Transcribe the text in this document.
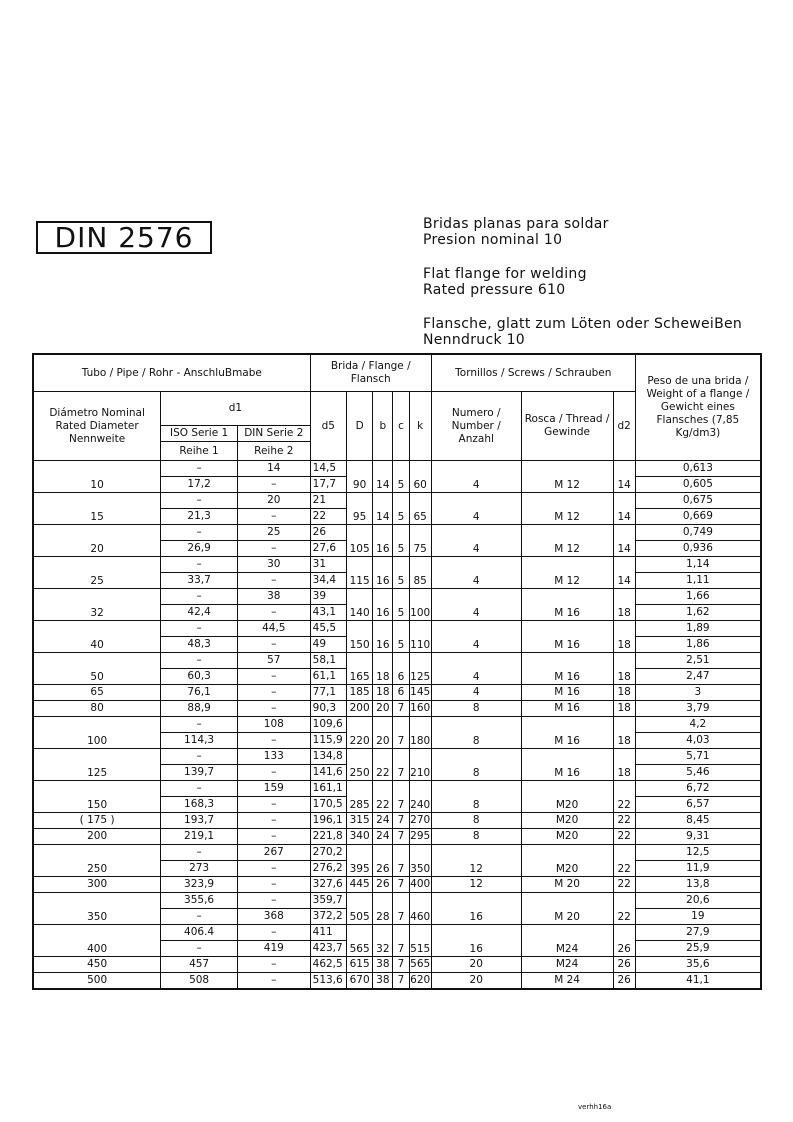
DIN 2576	Bridas planas para soldar
Presion nominal 10
Flat flange for welding
Rated pressure 610
Flansche, glatt zum Löten oder ScheweiBen
Nenndruck 10
Tubo / Pipe / Rohr - AnschluBmabe			Brida / Flange / Flansch					Tornillos / Screws / Schrauben			Peso de una brida / Weight of a flange / Gewicht eines Flansches (7,85 Kg/dm3)
Diámetro Nominal Rated Diameter Nennweite	d1		d5	D	b	c	k	Numero / Number / Anzahl	Rosca / Thread / Gewinde	d2	
	ISO Serie 1	DIN Serie 2									
	Reihe 1	Reihe 2									
10	–	14	14,5	90	14	5	60	4	M 12	14	0,613
	17,2	–	17,7								0,605
15	–	20	21	95	14	5	65	4	M 12	14	0,675
	21,3	–	22								0,669
20	–	25	26	105	16	5	75	4	M 12	14	0,749
	26,9	–	27,6								0,936
25	–	30	31	115	16	5	85	4	M 12	14	1,14
	33,7	–	34,4								1,11
32	–	38	39	140	16	5	100	4	M 16	18	1,66
	42,4	–	43,1								1,62
40	–	44,5	45,5	150	16	5	110	4	M 16	18	1,89
	48,3	–	49								1,86
50	–	57	58,1	165	18	6	125	4	M 16	18	2,51
	60,3	–	61,1								2,47
65	76,1	–	77,1	185	18	6	145	4	M 16	18	3
80	88,9	–	90,3	200	20	7	160	8	M 16	18	3,79
100	–	108	109,6	220	20	7	180	8	M 16	18	4,2
	114,3	–	115,9								4,03
125	–	133	134,8	250	22	7	210	8	M 16	18	5,71
	139,7	–	141,6								5,46
150	–	159	161,1	285	22	7	240	8	M20	22	6,72
	168,3	–	170,5								6,57
( 175 )	193,7	–	196,1	315	24	7	270	8	M20	22	8,45
200	219,1	–	221,8	340	24	7	295	8	M20	22	9,31
250	–	267	270,2	395	26	7	350	12	M20	22	12,5
	273	–	276,2								11,9
300	323,9	–	327,6	445	26	7	400	12	M 20	22	13,8
350	355,6	–	359,7	505	28	7	460	16	M 20	22	20,6
	–	368	372,2								19
400	406.4	–	411	565	32	7	515	16	M24	26	27,9
	–	419	423,7								25,9
450	457	–	462,5	615	38	7	565	20	M24	26	35,6
500	508	–	513,6	670	38	7	620	20	M 24	26	41,1
verhh16a
